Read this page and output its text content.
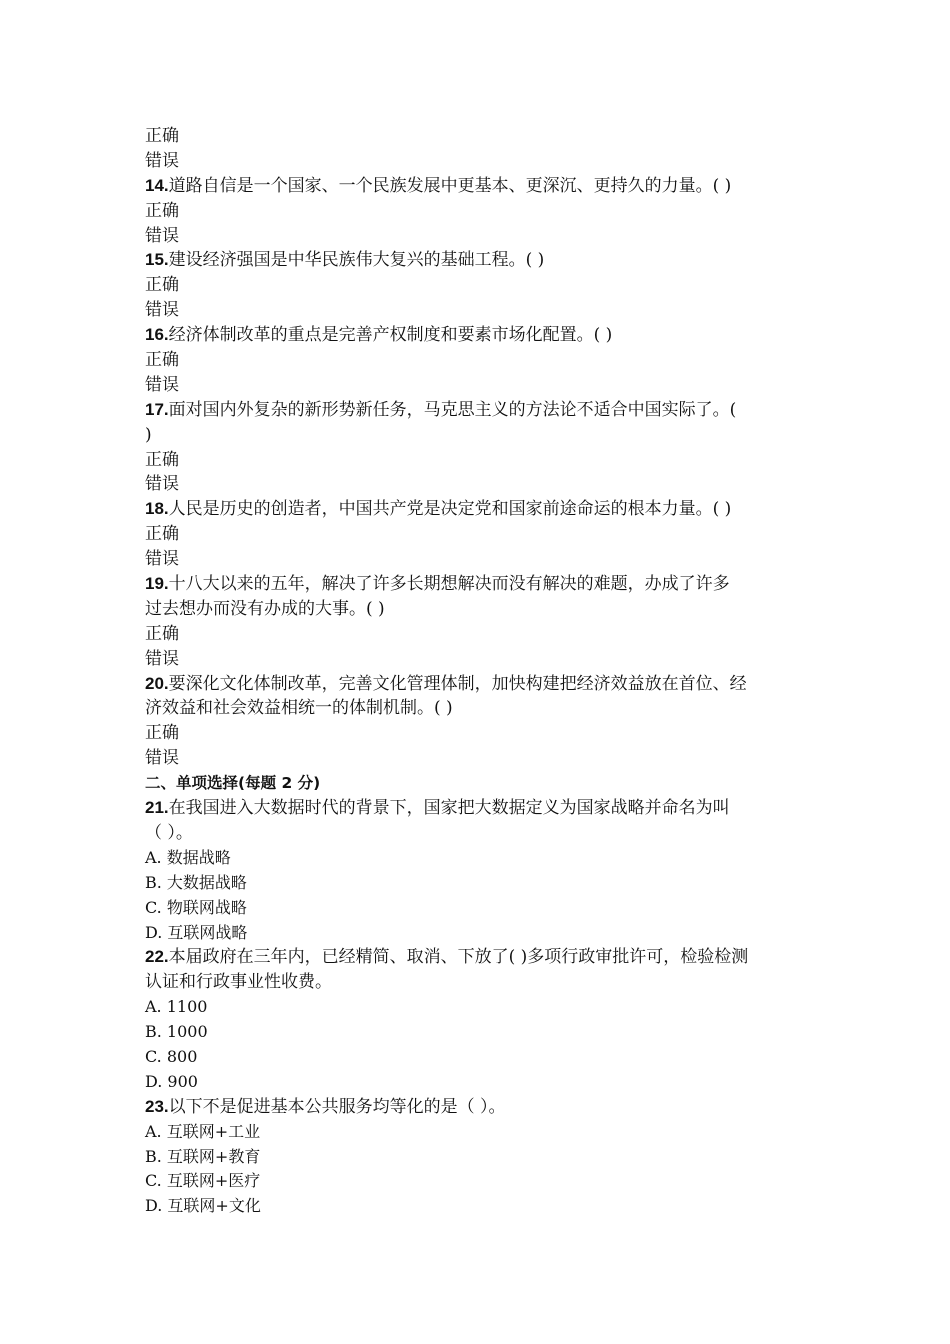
正确
错误
14.道路自信是一个国家、一个民族发展中更基本、更深沉、更持久的力量。( )
正确
错误
15.建设经济强国是中华民族伟大复兴的基础工程。( )
正确
错误
16.经济体制改革的重点是完善产权制度和要素市场化配置。( )
正确
错误
17.面对国内外复杂的新形势新任务，马克思主义的方法论不适合中国实际了。(
)
正确
错误
18.人民是历史的创造者，中国共产党是决定党和国家前途命运的根本力量。( )
正确
错误
19.十八大以来的五年，解决了许多长期想解决而没有解决的难题，办成了许多
过去想办而没有办成的大事。( )
正确
错误
20.要深化文化体制改革，完善文化管理体制，加快构建把经济效益放在首位、经
济效益和社会效益相统一的体制机制。( )
正确
错误
二、单项选择(每题 2 分)
21.在我国进入大数据时代的背景下，国家把大数据定义为国家战略并命名为叫
（ ）。
A. 数据战略
B. 大数据战略
C. 物联网战略
D. 互联网战略
22.本届政府在三年内，已经精简、取消、下放了( )多项行政审批许可，检验检测
认证和行政事业性收费。
A. 1100
B. 1000
C. 800
D. 900
23.以下不是促进基本公共服务均等化的是（ ）。
A. 互联网+工业
B. 互联网+教育
C. 互联网+医疗
D. 互联网+文化
